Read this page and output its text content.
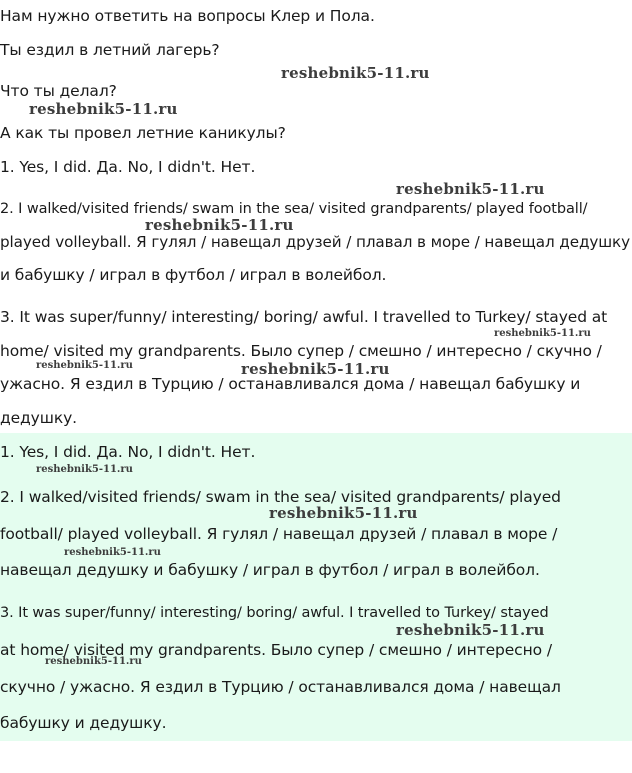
Нам нужно ответить на вопросы Клер и Пола.
Ты ездил в летний лагерь?
Что ты делал?
А как ты провел летние каникулы?
1. Yes, I did. Да. No, I didn't. Нет.
2. I walked/visited friends/ swam in the sea/ visited grandparents/ played football/
played volleyball. Я гулял / навещал друзей / плавал в море / навещал дедушку
и бабушку / играл в футбол / играл в волейбол.
3. It was super/funny/ interesting/ boring/ awful. I travelled to Turkey/ stayed at
home/ visited my grandparents. Было супер / смешно / интересно / скучно /
ужасно. Я ездил в Турцию / останавливался дома / навещал бабушку и
дедушку.
1. Yes, I did. Да. No, I didn't. Нет.
2. I walked/visited friends/ swam in the sea/ visited grandparents/ played
football/ played volleyball. Я гулял / навещал друзей / плавал в море /
навещал дедушку и бабушку / играл в футбол / играл в волейбол.
3. It was super/funny/ interesting/ boring/ awful. I travelled to Turkey/ stayed
at home/ visited my grandparents. Было супер / смешно / интересно /
скучно / ужасно. Я ездил в Турцию / останавливался дома / навещал
бабушку и дедушку.
reshebnik5-11.ru
reshebnik5-11.ru
reshebnik5-11.ru
reshebnik5-11.ru
reshebnik5-11.ru
reshebnik5-11.ru	reshebnik5-11.ru
reshebnik5-11.ru
reshebnik5-11.ru
reshebnik5-11.ru
reshebnik5-11.ru
reshebnik5-11.ru
